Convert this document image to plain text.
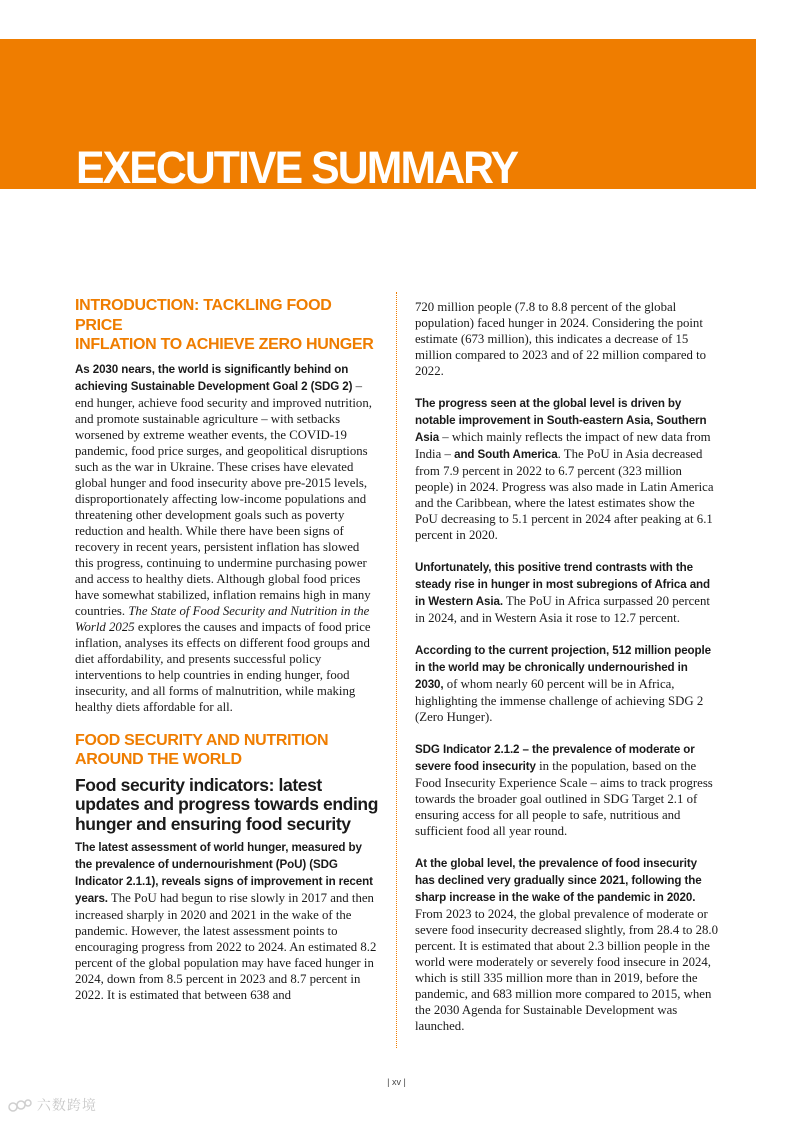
EXECUTIVE SUMMARY
INTRODUCTION: TACKLING FOOD PRICE
INFLATION TO ACHIEVE ZERO HUNGER

As 2030 nears, the world is significantly behind on achieving Sustainable Development Goal 2 (SDG 2) – end hunger, achieve food security and improved nutrition, and promote sustainable agriculture – with setbacks worsened by extreme weather events, the COVID-19 pandemic, food price surges, and geopolitical disruptions such as the war in Ukraine. These crises have elevated global hunger and food insecurity above pre-2015 levels, disproportionately affecting low-income populations and threatening other development goals such as poverty reduction and health. While there have been signs of recovery in recent years, persistent inflation has slowed this progress, continuing to undermine purchasing power and access to healthy diets. Although global food prices have somewhat stabilized, inflation remains high in many countries. The State of Food Security and Nutrition in the World 2025 explores the causes and impacts of food price inflation, analyses its effects on different food groups and diet affordability, and presents successful policy interventions to help countries in ending hunger, food insecurity, and all forms of malnutrition, while making healthy diets affordable for all.

FOOD SECURITY AND NUTRITION
AROUND THE WORLD
Food security indicators: latest updates and progress towards ending hunger and ensuring food security

The latest assessment of world hunger, measured by the prevalence of undernourishment (PoU) (SDG Indicator 2.1.1), reveals signs of improvement in recent years. The PoU had begun to rise slowly in 2017 and then increased sharply in 2020 and 2021 in the wake of the pandemic. However, the latest assessment points to encouraging progress from 2022 to 2024. An estimated 8.2 percent of the global population may have faced hunger in 2024, down from 8.5 percent in 2023 and 8.7 percent in 2022. It is estimated that between 638 and

720 million people (7.8 to 8.8 percent of the global population) faced hunger in 2024. Considering the point estimate (673 million), this indicates a decrease of 15 million compared to 2023 and of 22 million compared to 2022.

The progress seen at the global level is driven by notable improvement in South-eastern Asia, Southern Asia – which mainly reflects the impact of new data from India – and South America. The PoU in Asia decreased from 7.9 percent in 2022 to 6.7 percent (323 million people) in 2024. Progress was also made in Latin America and the Caribbean, where the latest estimates show the PoU decreasing to 5.1 percent in 2024 after peaking at 6.1 percent in 2020.

Unfortunately, this positive trend contrasts with the steady rise in hunger in most subregions of Africa and in Western Asia. The PoU in Africa surpassed 20 percent in 2024, and in Western Asia it rose to 12.7 percent.

According to the current projection, 512 million people in the world may be chronically undernourished in 2030, of whom nearly 60 percent will be in Africa, highlighting the immense challenge of achieving SDG 2 (Zero Hunger).

SDG Indicator 2.1.2 – the prevalence of moderate or severe food insecurity in the population, based on the Food Insecurity Experience Scale – aims to track progress towards the broader goal outlined in SDG Target 2.1 of ensuring access for all people to safe, nutritious and sufficient food all year round.

At the global level, the prevalence of food insecurity has declined very gradually since 2021, following the sharp increase in the wake of the pandemic in 2020. From 2023 to 2024, the global prevalence of moderate or severe food insecurity decreased slightly, from 28.4 to 28.0 percent. It is estimated that about 2.3 billion people in the world were moderately or severely food insecure in 2024, which is still 335 million more than in 2019, before the pandemic, and 683 million more compared to 2015, when the 2030 Agenda for Sustainable Development was launched.

| xv |
六数跨境
